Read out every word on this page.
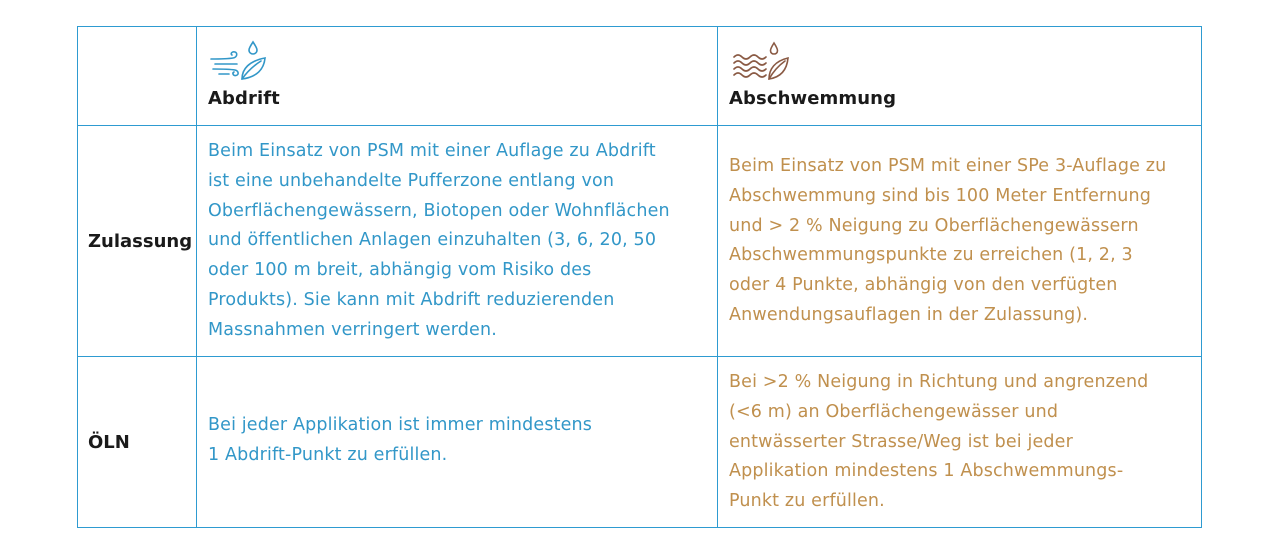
Abdrift	Abschwemmung
Zulassung
Beim Einsatz von PSM mit einer Auflage zu Abdrift
ist eine unbehandelte Pufferzone entlang von
Oberflächengewässern, Biotopen oder Wohnflächen
und öffentlichen Anlagen einzuhalten (3, 6, 20, 50
oder 100 m breit, abhängig vom Risiko des
Produkts). Sie kann mit Abdrift reduzierenden
Massnahmen verringert werden.
Beim Einsatz von PSM mit einer SPe 3-Auflage zu
Abschwemmung sind bis 100 Meter Entfernung
und > 2 % Neigung zu Oberflächengewässern
Abschwemmungspunkte zu erreichen (1, 2, 3
oder 4 Punkte, abhängig von den verfügten
Anwendungsauflagen in der Zulassung).
ÖLN
Bei jeder Applikation ist immer mindestens
1 Abdrift-Punkt zu erfüllen.
Bei >2 % Neigung in Richtung und angrenzend
(<6 m) an Oberflächengewässer und
entwässerter Strasse/Weg ist bei jeder
Applikation mindestens 1 Abschwemmungs-
Punkt zu erfüllen.
